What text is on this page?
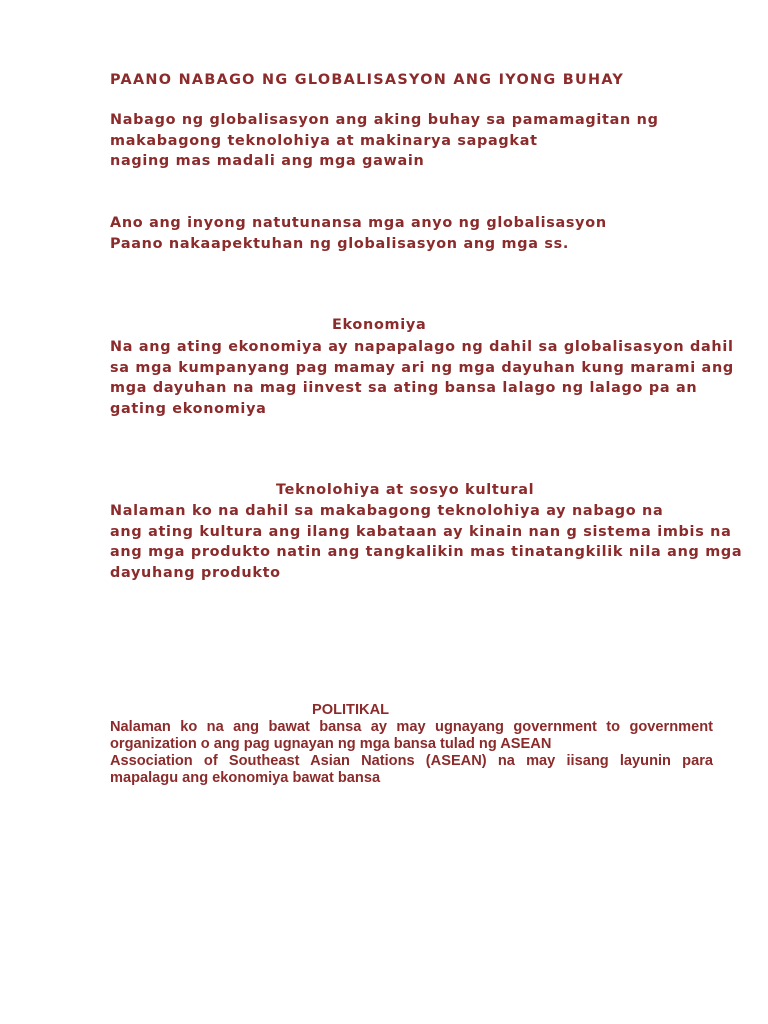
PAANO NABAGO NG GLOBALISASYON ANG IYONG BUHAY

Nabago ng globalisasyon ang aking buhay sa pamamagitan ng
makabagong teknolohiya at makinarya sapagkat
naging mas madali ang mga gawain
Ano ang inyong natutunansa mga anyo ng globalisasyon
Paano nakaapektuhan ng globalisasyon ang mga ss.

Ekonomiya

Na ang ating ekonomiya ay napapalago ng dahil sa globalisasyon dahil
sa mga kumpanyang pag mamay ari ng mga dayuhan kung marami ang
mga dayuhan na mag iinvest sa ating bansa lalago ng lalago pa an
gating ekonomiya

Teknolohiya at sosyo kultural

Nalaman ko na dahil sa makabagong teknolohiya ay nabago na
ang ating kultura ang ilang kabataan ay kinain nan g sistema imbis na
ang mga produkto natin ang tangkalikin mas tinatangkilik nila ang mga
dayuhang produkto

POLITIKAL

Nalaman ko na ang bawat bansa ay may ugnayang government to government
organization o ang pag ugnayan ng mga bansa tulad ng ASEAN
Association of Southeast Asian Nations (ASEAN) na may iisang layunin para
mapalagu ang ekonomiya bawat bansa
